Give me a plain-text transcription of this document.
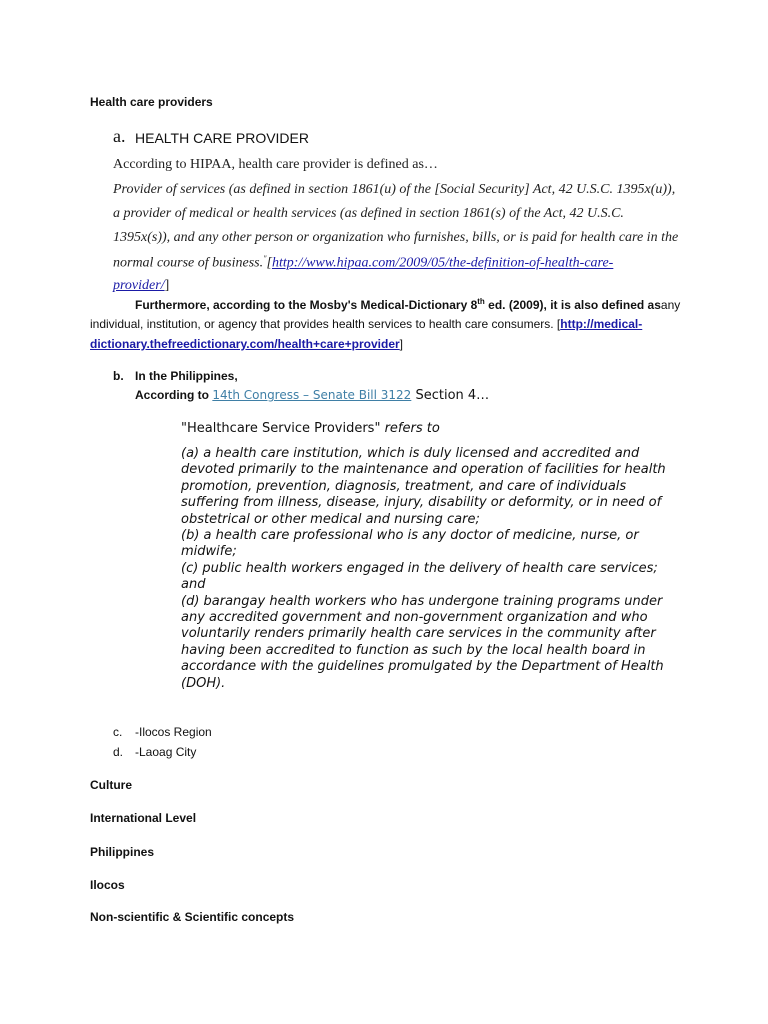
Health care providers
a. HEALTH CARE PROVIDER
According to HIPAA, health care provider is defined as…
Provider of services (as defined in section 1861(u) of the [Social Security] Act, 42 U.S.C. 1395x(u)),
a provider of medical or health services (as defined in section 1861(s) of the Act, 42 U.S.C.
1395x(s)), and any other person or organization who furnishes, bills, or is paid for health care in the
normal course of business."[http://www.hipaa.com/2009/05/the-definition-of-health-care-
provider/]
Furthermore, according to the Mosby's Medical-Dictionary 8th ed. (2009), it is also defined asany
individual, institution, or agency that provides health services to health care consumers. [http://medical-
dictionary.thefreedictionary.com/health+care+provider]
b. In the Philippines,
According to 14th Congress – Senate Bill 3122 Section 4…
"Healthcare Service Providers" refers to
(a) a health care institution, which is duly licensed and accredited and
devoted primarily to the maintenance and operation of facilities for health
promotion, prevention, diagnosis, treatment, and care of individuals
suffering from illness, disease, injury, disability or deformity, or in need of
obstetrical or other medical and nursing care;
(b) a health care professional who is any doctor of medicine, nurse, or
midwife;
(c) public health workers engaged in the delivery of health care services;
and
(d) barangay health workers who has undergone training programs under
any accredited government and non-government organization and who
voluntarily renders primarily health care services in the community after
having been accredited to function as such by the local health board in
accordance with the guidelines promulgated by the Department of Health
(DOH).
c. -Ilocos Region
d. -Laoag City
Culture
International Level
Philippines
Ilocos
Non-scientific & Scientific concepts
